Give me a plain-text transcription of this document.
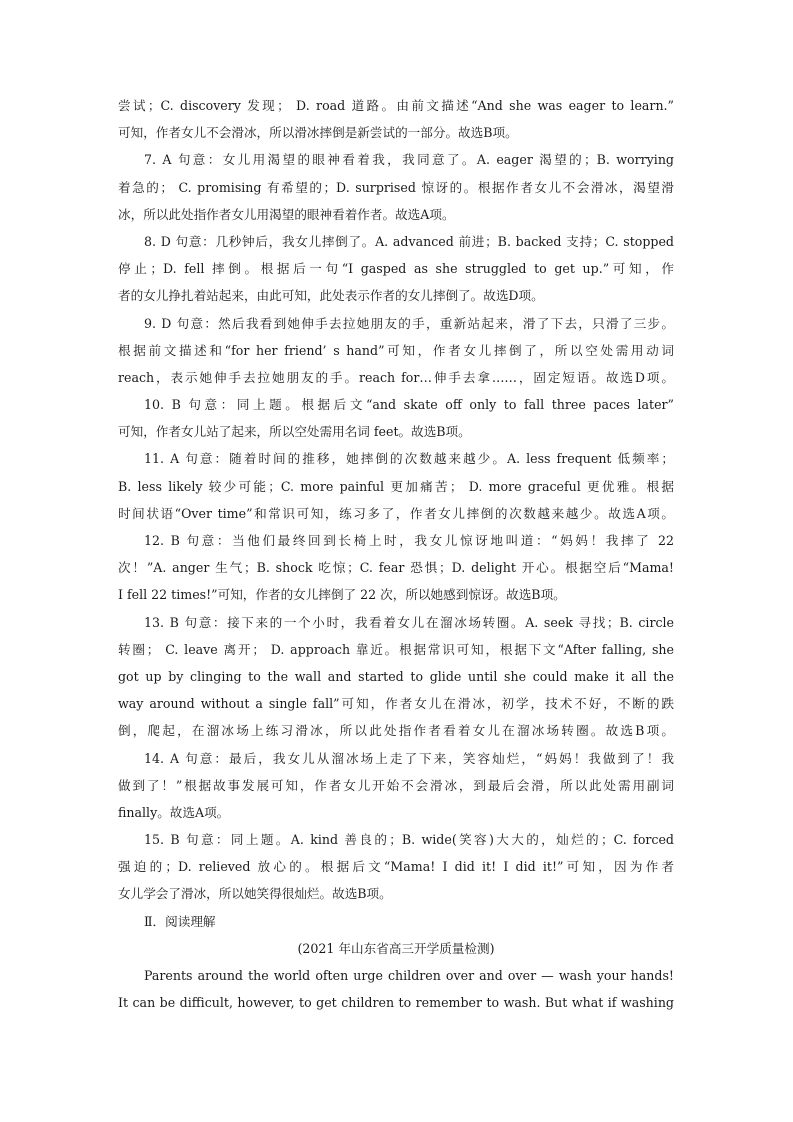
尝试；C. discovery 发现； D. road 道路。由前文描述“And she was eager to learn.”
可知，作者女儿不会滑冰，所以滑冰摔倒是新尝试的一部分。故选B项。
7. A 句意：女儿用渴望的眼神看着我，我同意了。A. eager 渴望的；B. worrying
着急的； C. promising 有希望的；D. surprised 惊讶的。根据作者女儿不会滑冰，渴望滑
冰，所以此处指作者女儿用渴望的眼神看着作者。故选A项。
8. D 句意：几秒钟后，我女儿摔倒了。A. advanced 前进；B. backed 支持；C. stopped
停止；D. fell 摔倒。根据后一句“I gasped as she struggled to get up.”可知，作
者的女儿挣扎着站起来，由此可知，此处表示作者的女儿摔倒了。故选D项。
9. D 句意：然后我看到她伸手去拉她朋友的手，重新站起来，滑了下去，只滑了三步。
根据前文描述和“for her friend’ s hand”可知，作者女儿摔倒了，所以空处需用动词
reach，表示她伸手去拉她朋友的手。reach for…伸手去拿……，固定短语。故选D项。
10. B 句意：同上题。根据后文“and skate off only to fall three paces later”
可知，作者女儿站了起来，所以空处需用名词 feet。故选B项。
11. A 句意：随着时间的推移，她摔倒的次数越来越少。A. less frequent 低频率；
B. less likely 较少可能；C. more painful 更加痛苦； D. more graceful 更优雅。根据
时间状语“Over time”和常识可知，练习多了，作者女儿摔倒的次数越来越少。故选A项。
12. B 句意：当他们最终回到长椅上时，我女儿惊讶地叫道：“妈妈！我摔了 22
次！”A. anger 生气；B. shock 吃惊；C. fear 恐惧；D. delight 开心。根据空后“Mama!
I fell 22 times!”可知，作者的女儿摔倒了 22 次，所以她感到惊讶。故选B项。
13. B 句意：接下来的一个小时，我看着女儿在溜冰场转圈。A. seek 寻找；B. circle
转圈； C. leave 离开； D. approach 靠近。根据常识可知，根据下文“After falling, she
got up by clinging to the wall and started to glide until she could make it all the
way around without a single fall”可知，作者女儿在滑冰，初学，技术不好，不断的跌
倒，爬起，在溜冰场上练习滑冰，所以此处指作者看着女儿在溜冰场转圈。故选B项。
14. A 句意：最后，我女儿从溜冰场上走了下来，笑容灿烂，“妈妈！我做到了！我
做到了！”根据故事发展可知，作者女儿开始不会滑冰，到最后会滑，所以此处需用副词
finally。故选A项。
15. B 句意：同上题。A. kind 善良的；B. wide(笑容)大大的，灿烂的；C. forced
强迫的；D. relieved 放心的。根据后文“Mama! I did it! I did it!”可知，因为作者
女儿学会了滑冰，所以她笑得很灿烂。故选B项。
Ⅱ．阅读理解
(2021 年山东省高三开学质量检测)
Parents around the world often urge children over and over — wash your hands!
It can be difficult, however, to get children to remember to wash. But what if washing
